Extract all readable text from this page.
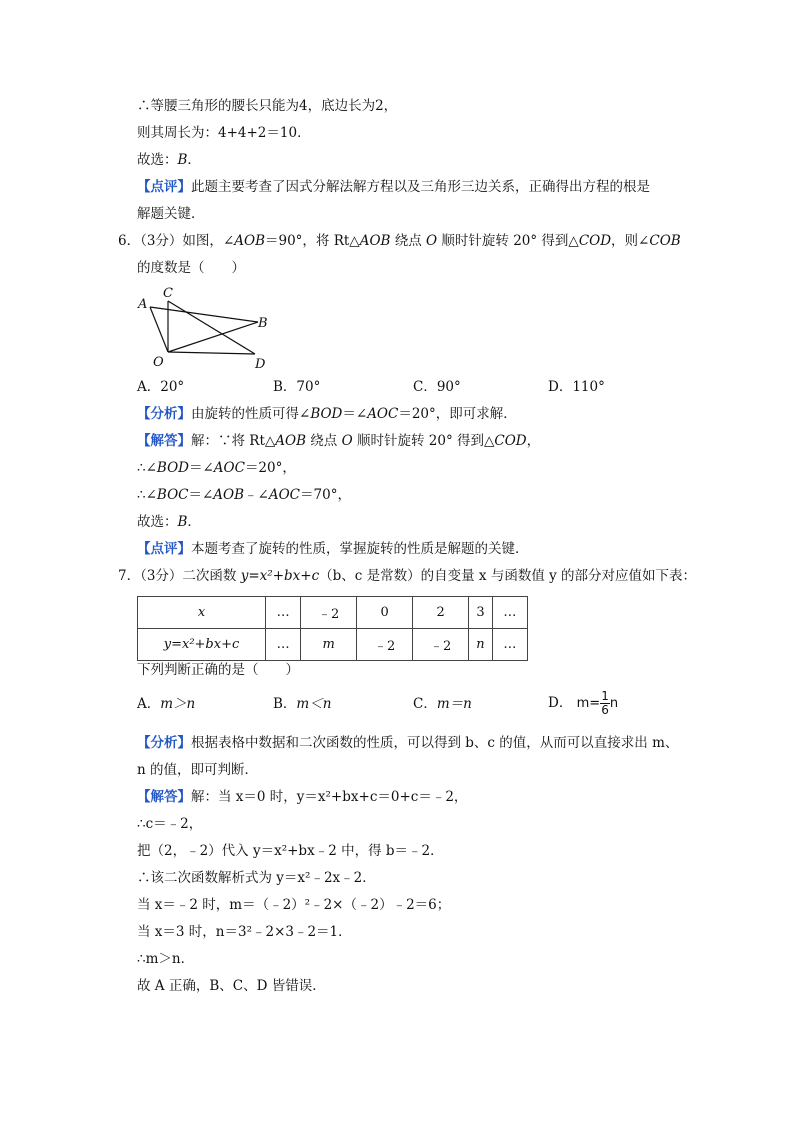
∴等腰三角形的腰长只能为4，底边长为2，
则其周长为：4+4+2＝10．
故选：B．
【点评】此题主要考查了因式分解法解方程以及三角形三边关系，正确得出方程的根是
解题关键．
6．（3分）如图，∠AOB＝90°，将 Rt△AOB 绕点 O 顺时针旋转 20° 得到△COD，则∠COB
的度数是（　　）
A
C
B
O	D
A．20°	B．70°	C．90°	D．110°
【分析】由旋转的性质可得∠BOD＝∠AOC＝20°，即可求解．
【解答】解：∵将 Rt△AOB 绕点 O 顺时针旋转 20° 得到△COD，
∴∠BOD＝∠AOC＝20°，
∴∠BOC＝∠AOB﹣∠AOC＝70°，
故选：B．
【点评】本题考查了旋转的性质，掌握旋转的性质是解题的关键．
7．（3分）二次函数 y=x²+bx+c（b、c 是常数）的自变量 x 与函数值 y 的部分对应值如下表：
x	…	﹣2	0	2	3	…
y=x²+bx+c	…	m	﹣2	﹣2	n	…
下列判断正确的是（　　）
A．m＞n	B．m＜n	C．m＝n	D． $m= \frac{1}{6}$ n
【分析】根据表格中数据和二次函数的性质，可以得到 b、c 的值，从而可以直接求出 m、
n 的值，即可判断．
【解答】解：当 x＝0 时，y＝x²+bx+c＝0+c＝﹣2，
∴c＝﹣2，
把（2，﹣2）代入 y＝x²+bx﹣2 中，得 b＝﹣2．
∴该二次函数解析式为 y＝x²﹣2x﹣2．
当 x＝﹣2 时，m＝（﹣2）²﹣2×（﹣2）﹣2＝6；
当 x＝3 时，n＝3²﹣2×3﹣2＝1．
∴m＞n．
故 A 正确，B、C、D 皆错误．
